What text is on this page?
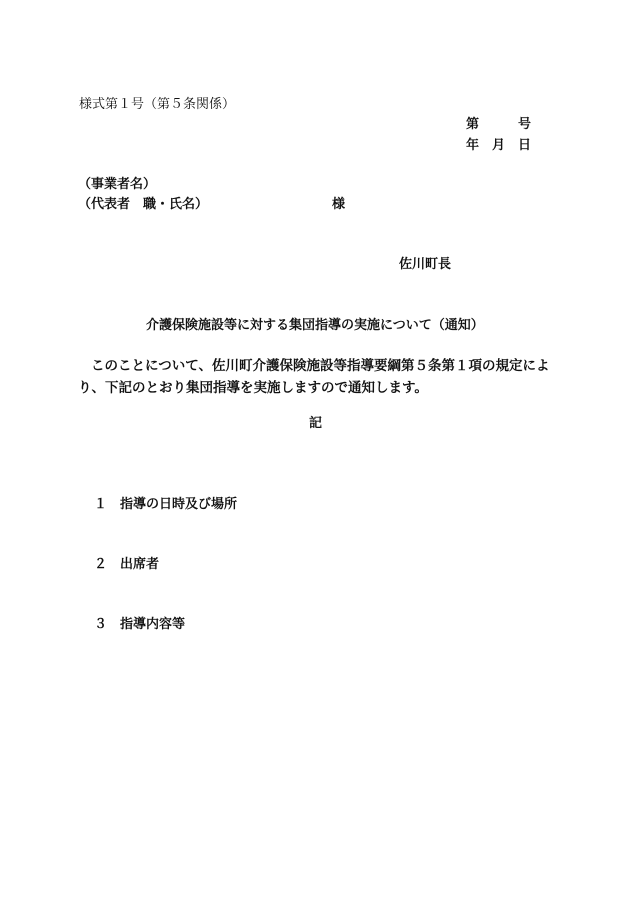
様式第１号（第５条関係）
第	号
年 月 日
（事業者名）
（代表者　職・氏名）	様
佐川町長
介護保険施設等に対する集団指導の実施について（通知）
このことについて、佐川町介護保険施設等指導要綱第５条第１項の規定により、下記のとおり集団指導を実施しますので通知します。
記
１ 指導の日時及び場所
２ 出席者
３ 指導内容等
